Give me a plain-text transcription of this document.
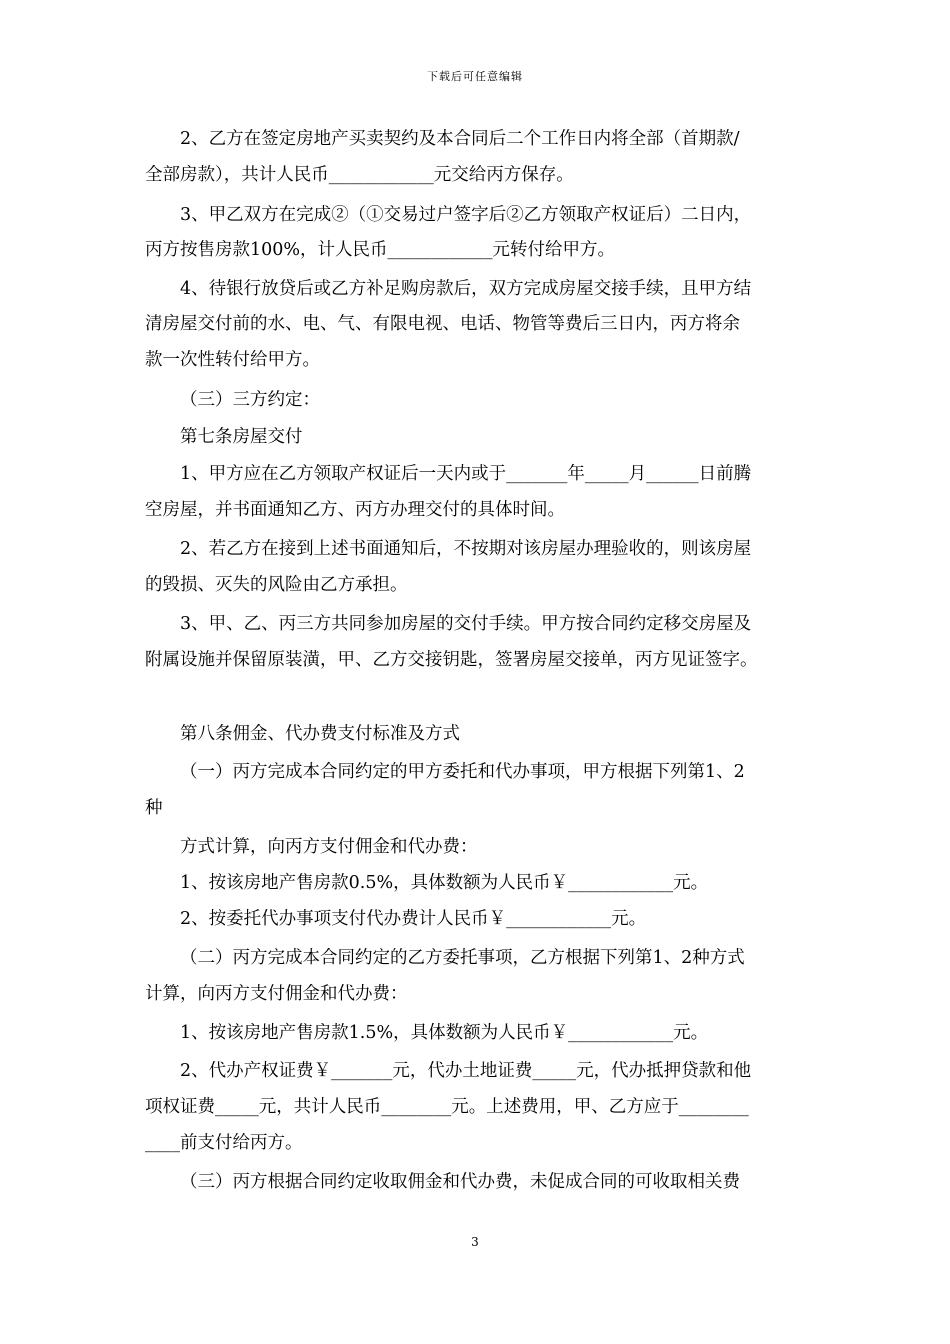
下载后可任意编辑
2、乙方在签定房地产买卖契约及本合同后二个工作日内将全部（首期款/
全部房款），共计人民币____________元交给丙方保存。
3、甲乙双方在完成②（①交易过户签字后②乙方领取产权证后）二日内，
丙方按售房款100%，计人民币____________元转付给甲方。
4、待银行放贷后或乙方补足购房款后，双方完成房屋交接手续，且甲方结
清房屋交付前的水、电、气、有限电视、电话、物管等费后三日内，丙方将余
款一次性转付给甲方。
（三）三方约定：
第七条房屋交付
1、甲方应在乙方领取产权证后一天内或于_______年_____月______日前腾
空房屋，并书面通知乙方、丙方办理交付的具体时间。
2、若乙方在接到上述书面通知后，不按期对该房屋办理验收的，则该房屋
的毁损、灭失的风险由乙方承担。
3、甲、乙、丙三方共同参加房屋的交付手续。甲方按合同约定移交房屋及
附属设施并保留原装潢，甲、乙方交接钥匙，签署房屋交接单，丙方见证签字。
第八条佣金、代办费支付标准及方式
（一）丙方完成本合同约定的甲方委托和代办事项，甲方根据下列第1、2
种
方式计算，向丙方支付佣金和代办费：
1、按该房地产售房款0.5%，具体数额为人民币￥____________元。
2、按委托代办事项支付代办费计人民币￥____________元。
（二）丙方完成本合同约定的乙方委托事项，乙方根据下列第1、2种方式
计算，向丙方支付佣金和代办费：
1、按该房地产售房款1.5%，具体数额为人民币￥____________元。
2、代办产权证费￥_______元，代办土地证费_____元，代办抵押贷款和他
项权证费_____元，共计人民币________元。上述费用，甲、乙方应于________
____前支付给丙方。
（三）丙方根据合同约定收取佣金和代办费，未促成合同的可收取相关费
3
